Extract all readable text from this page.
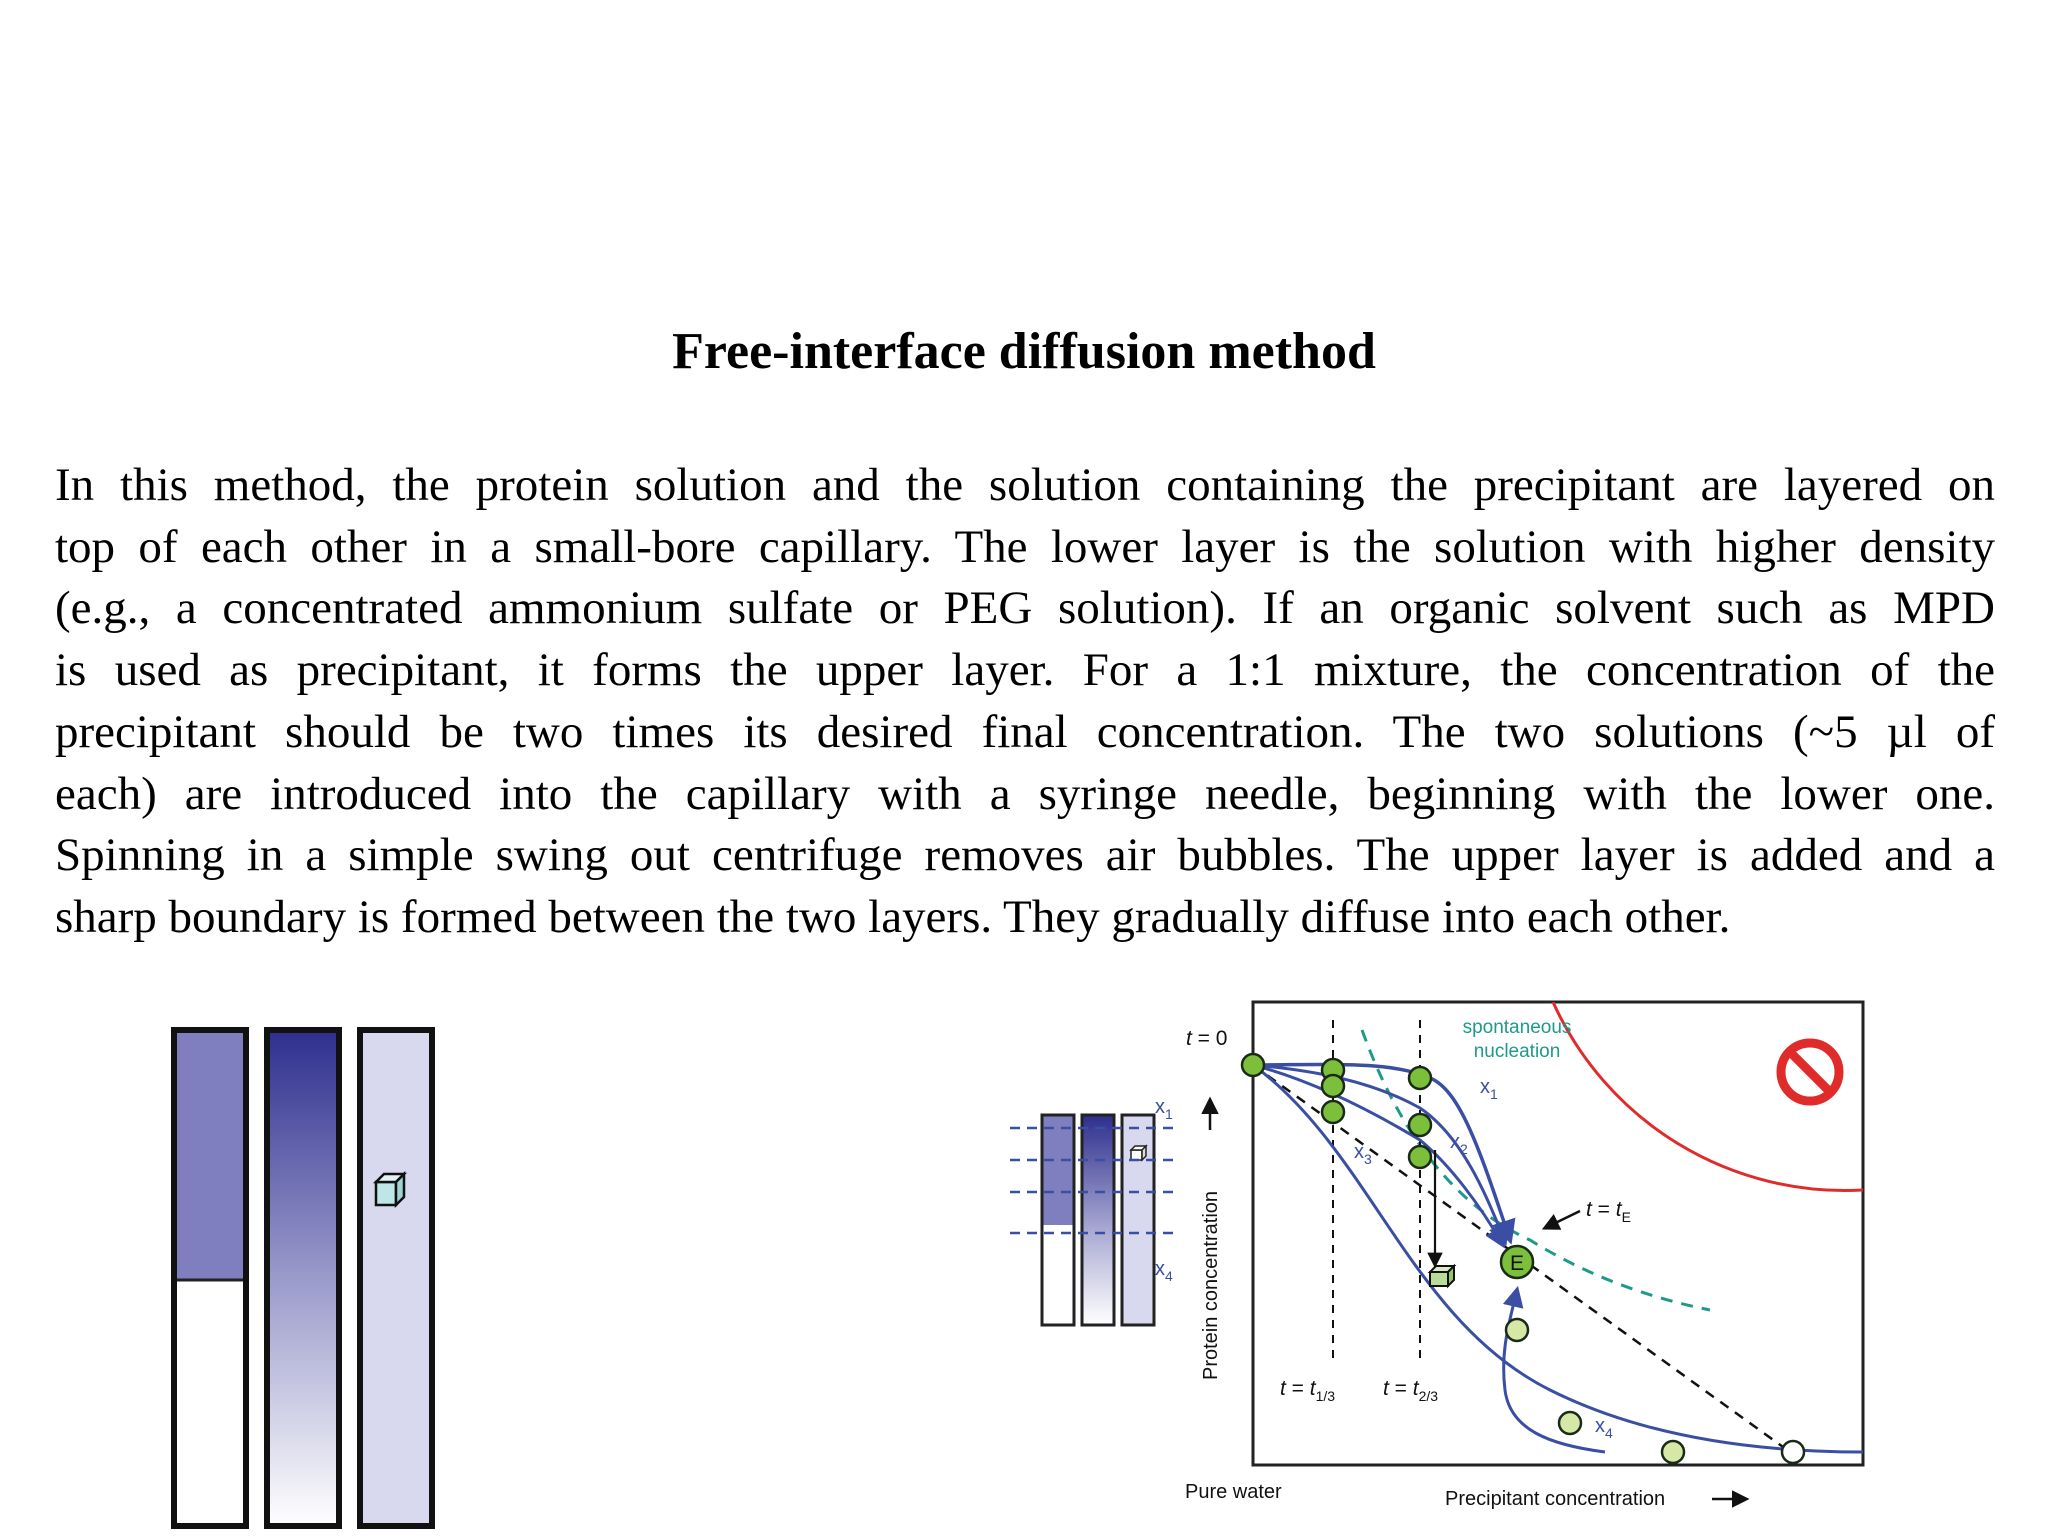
Free-interface diffusion method
In this method, the protein solution and the solution containing the precipitant are layered on
top of each other in a small-bore capillary. The lower layer is the solution with higher density
(e.g., a concentrated ammonium sulfate or PEG solution). If an organic solvent such as MPD
is used as precipitant, it forms the upper layer. For a 1:1 mixture, the concentration of the
precipitant should be two times its desired final concentration. The two solutions (~5 µl of
each) are introduced into the capillary with a syringe needle, beginning with the lower one.
Spinning in a simple swing out centrifuge removes air bubbles. The upper layer is added and a
sharp boundary is formed between the two layers. They gradually diffuse into each other.
$x_1$
$x_4$ Protein concentration
t = 0	spontaneous
nucleation
$x_1$
$x_2$
$x_3$
$x_4$
$t = t_E$
$t = t_{1/3}$ $t = t_{2/3}$
E
Pure water	Precipitant concentration
